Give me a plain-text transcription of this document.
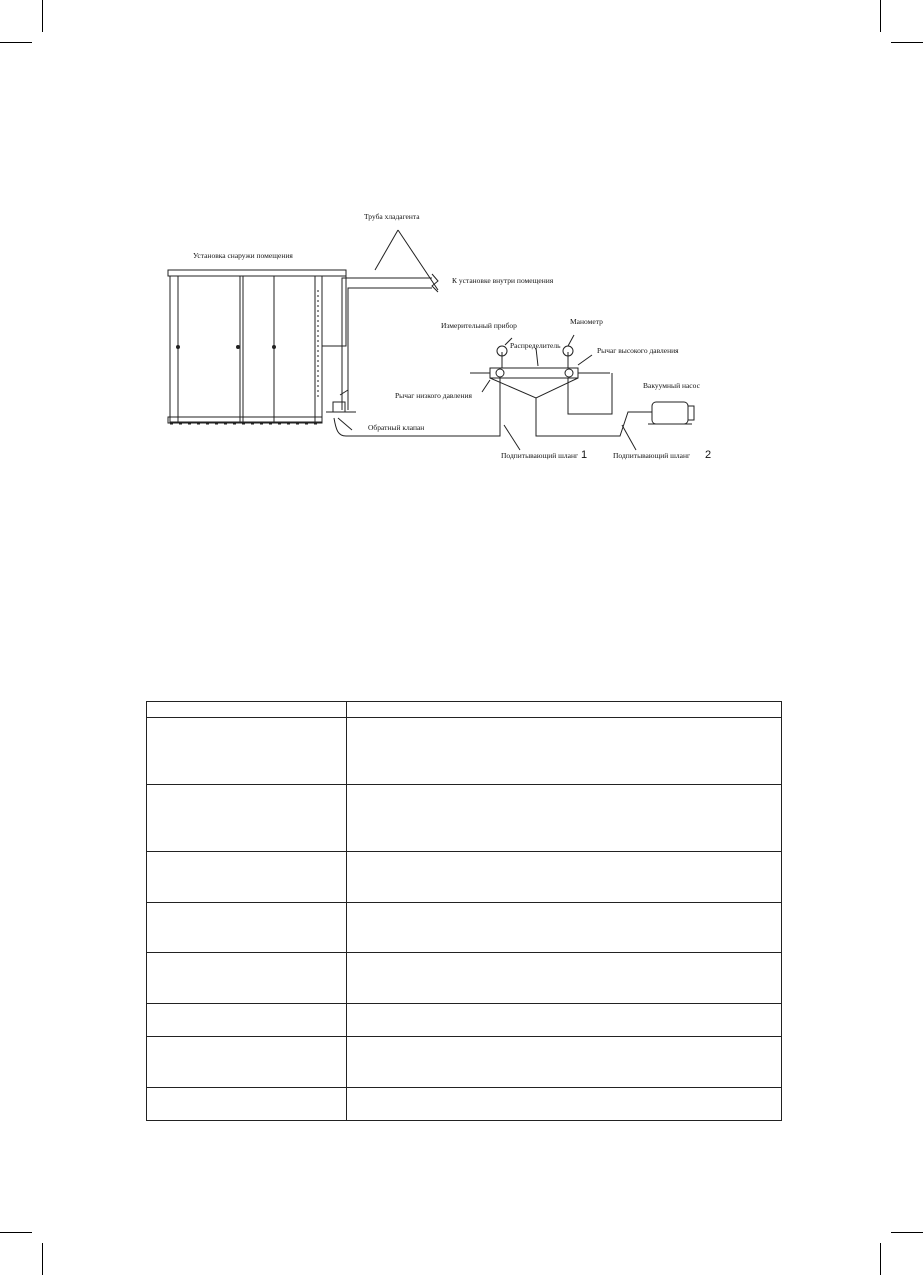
Труба хладагента
Установка снаружи помещения
К установке внутри помещения
Измерительный прибор	Манометр
Распределитель
Рычаг высокого давления
Вакуумный насос
Рычаг низкого давления
Обратный клапан
Подпитывающий шланг 1	Подпитывающий шланг 2
